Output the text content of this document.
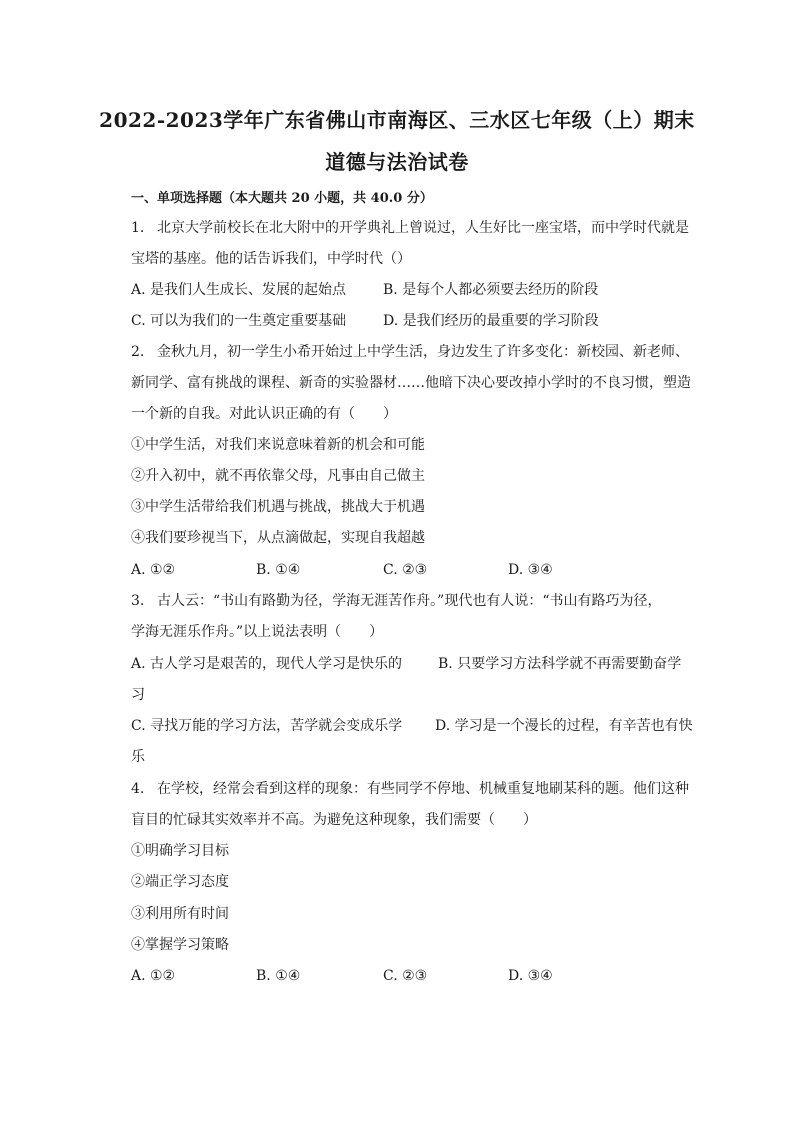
2022-2023学年广东省佛山市南海区、三水区七年级（上）期末
道德与法治试卷
一、单项选择题（本大题共 20 小题，共 40.0 分）
1. 北京大学前校长在北大附中的开学典礼上曾说过，人生好比一座宝塔，而中学时代就是
宝塔的基座。他的话告诉我们，中学时代（）
A. 是我们人生成长、发展的起始点	B. 是每个人都必须要去经历的阶段
C. 可以为我们的一生奠定重要基础	D. 是我们经历的最重要的学习阶段
2. 金秋九月，初一学生小希开始过上中学生活，身边发生了许多变化：新校园、新老师、
新同学、富有挑战的课程、新奇的实验器材……他暗下决心要改掉小学时的不良习惯，塑造
一个新的自我。对此认识正确的有（　　）
①中学生活，对我们来说意味着新的机会和可能
②升入初中，就不再依靠父母，凡事由自己做主
③中学生活带给我们机遇与挑战，挑战大于机遇
④我们要珍视当下，从点滴做起，实现自我超越
A. ①②	B. ①④	C. ②③	D. ③④
3. 古人云：“书山有路勤为径，学海无涯苦作舟。”现代也有人说：“书山有路巧为径，
学海无涯乐作舟。”以上说法表明（　　）
A. 古人学习是艰苦的，现代人学习是快乐的	B. 只要学习方法科学就不再需要勤奋学
习
C. 寻找万能的学习方法，苦学就会变成乐学 D. 学习是一个漫长的过程，有辛苦也有快
乐
4. 在学校，经常会看到这样的现象：有些同学不停地、机械重复地刷某科的题。他们这种
盲目的忙碌其实效率并不高。为避免这种现象，我们需要（　　）
①明确学习目标
②端正学习态度
③利用所有时间
④掌握学习策略
A. ①②	B. ①④	C. ②③	D. ③④
